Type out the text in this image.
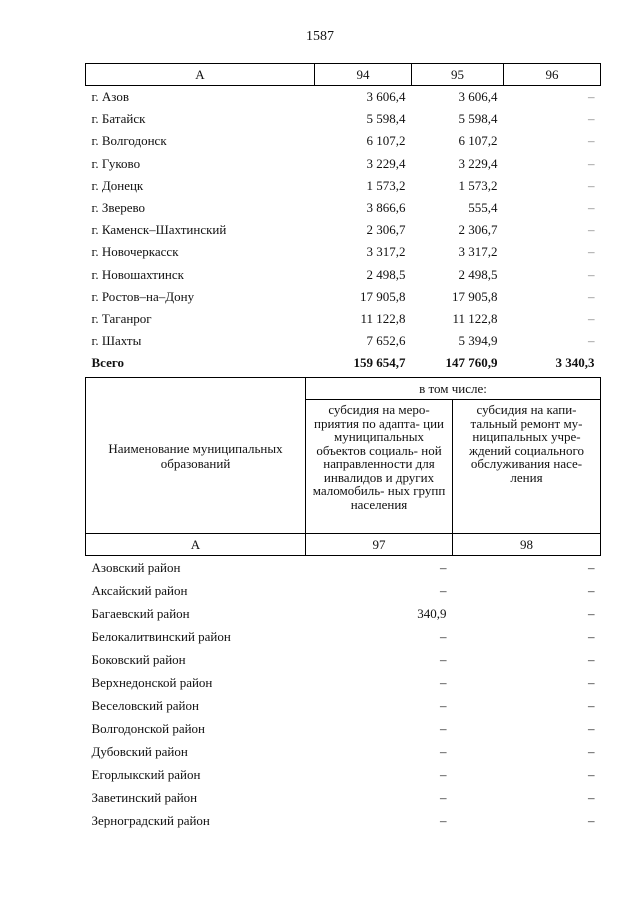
1587
А	94	95	96
г. Азов	3 606,4	3 606,4	–
г. Батайск	5 598,4	5 598,4	–
г. Волгодонск	6 107,2	6 107,2	–
г. Гуково	3 229,4	3 229,4	–
г. Донецк	1 573,2	1 573,2	–
г. Зверево	3 866,6	555,4	–
г. Каменск–Шахтинский	2 306,7	2 306,7	–
г. Новочеркасск	3 317,2	3 317,2	–
г. Новошахтинск	2 498,5	2 498,5	–
г. Ростов–на–Дону	17 905,8	17 905,8	–
г. Таганрог	11 122,8	11 122,8	–
г. Шахты	7 652,6	5 394,9	–
Всего	159 654,7	147 760,9	3 340,3
Наименование муниципальных образований	в том числе:	
	субсидия на меро- приятия по адапта- ции муниципальных объектов социаль- ной направленности для инвалидов и других маломобиль- ных групп населения	субсидия на капи- тальный ремонт му- ниципальных учре- ждений социального обслуживания насе- ления
А	97	98
Азовский район	–	–
Аксайский район	–	–
Багаевский район	340,9	–
Белокалитвинский район	–	–
Боковский район	–	–
Верхнедонской район	–	–
Веселовский район	–	–
Волгодонской район	–	–
Дубовский район	–	–
Егорлыкский район	–	–
Заветинский район	–	–
Зерноградский район	–	–
